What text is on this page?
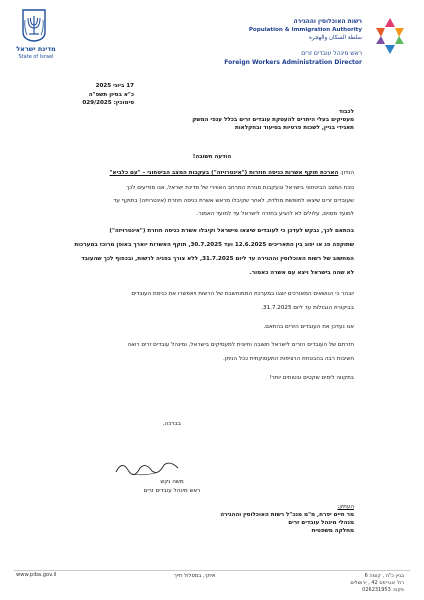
מדינת ישראל
State of Israel
רשות האוכלוסין וההגירה
Population & Immigration Authority
سلطة السكان والهجرة
ראש מינהל עובדים זרים
Foreign Workers Administration Director
17 ביוני 2025
כ"א בסיון תשפ"ה
סימוכין: 029/2025
לכבוד
מעסיקים בעלי היתרים להעסקת עובדים זרים בכלל ענפי המשק
תאגידי בניין, לשכות פרטיות בסיעוד ובחקלאות
הודעה חשובה!
הנדון: הארכת תוקף אשרות כניסה חוזרות ("אינטרויזה") בעקבות המצב הביטחוני – "עם כלביא"
נוכח המצב הביטחוני בישראל ובעקבות סגירת המרחב האווירי של מדינת ישראל, אנו מודיעים לכך
שעובדים זרים שיצאו לחופשת מולדת, לאחר שקיבלו מראש אשרת כניסה חוזרת (אינטרויזה) בתוקף עד
למועד מסוים, עלולים לא להגיע בחזרה לישראל עד למועד האמור.
בהתאם לכך, נבקש לעדכן כי לעובדים שיצאו מישראל וקיבלו אשרת כניסה חוזרת ("אינטרויזה")
שתוקפה פג או יפוג בין התאריכים 12.6.2025 ועד 30.7.2025, תוקף האשרות יוארך באופן מרוכז במערכות
המחשוב של רשות האוכלוסין וההגירה עד ליום 31.7.2025, ללא צורך בפניה לרשות, ובכפוף לכך שהעובד
לא שהה בישראל ויצא עם אשרה כאמור.
יובהר כי הנושאים המאורכים יוצגו במערכת הממוחשבת של הרשות ויאפשרו את כניסת העובדים
בביקורת הגבולות עד ליום 31.7.2025.
אנו נעדכן את העובדים הזרים בהתאם.
חזרתם של העובדים הזרים לישראל חשובה וחיונית למעסיקים בישראל, ומינהל עובדים זרים רואה
חשיבות רבה בהבטחת הרציפות התעסוקתית ככל הניתן.
בתקווה לימים שקטים ובטוחים יותר!
בברכה,
משה נקש
ראש מינהל עובדים זרים
העתק:
מר חיים יפרח, מ"מ מנכ"ל רשות האוכלוסין וההגירה
מנהלי מינהל עובדים זרים
מחלקה משפטית
www.piba.gov.il	איתך, במסלול חייך	בניין כ"ח , קומה 6
רח' אגריפס 42 , ירושלים
פקס: 026231953
